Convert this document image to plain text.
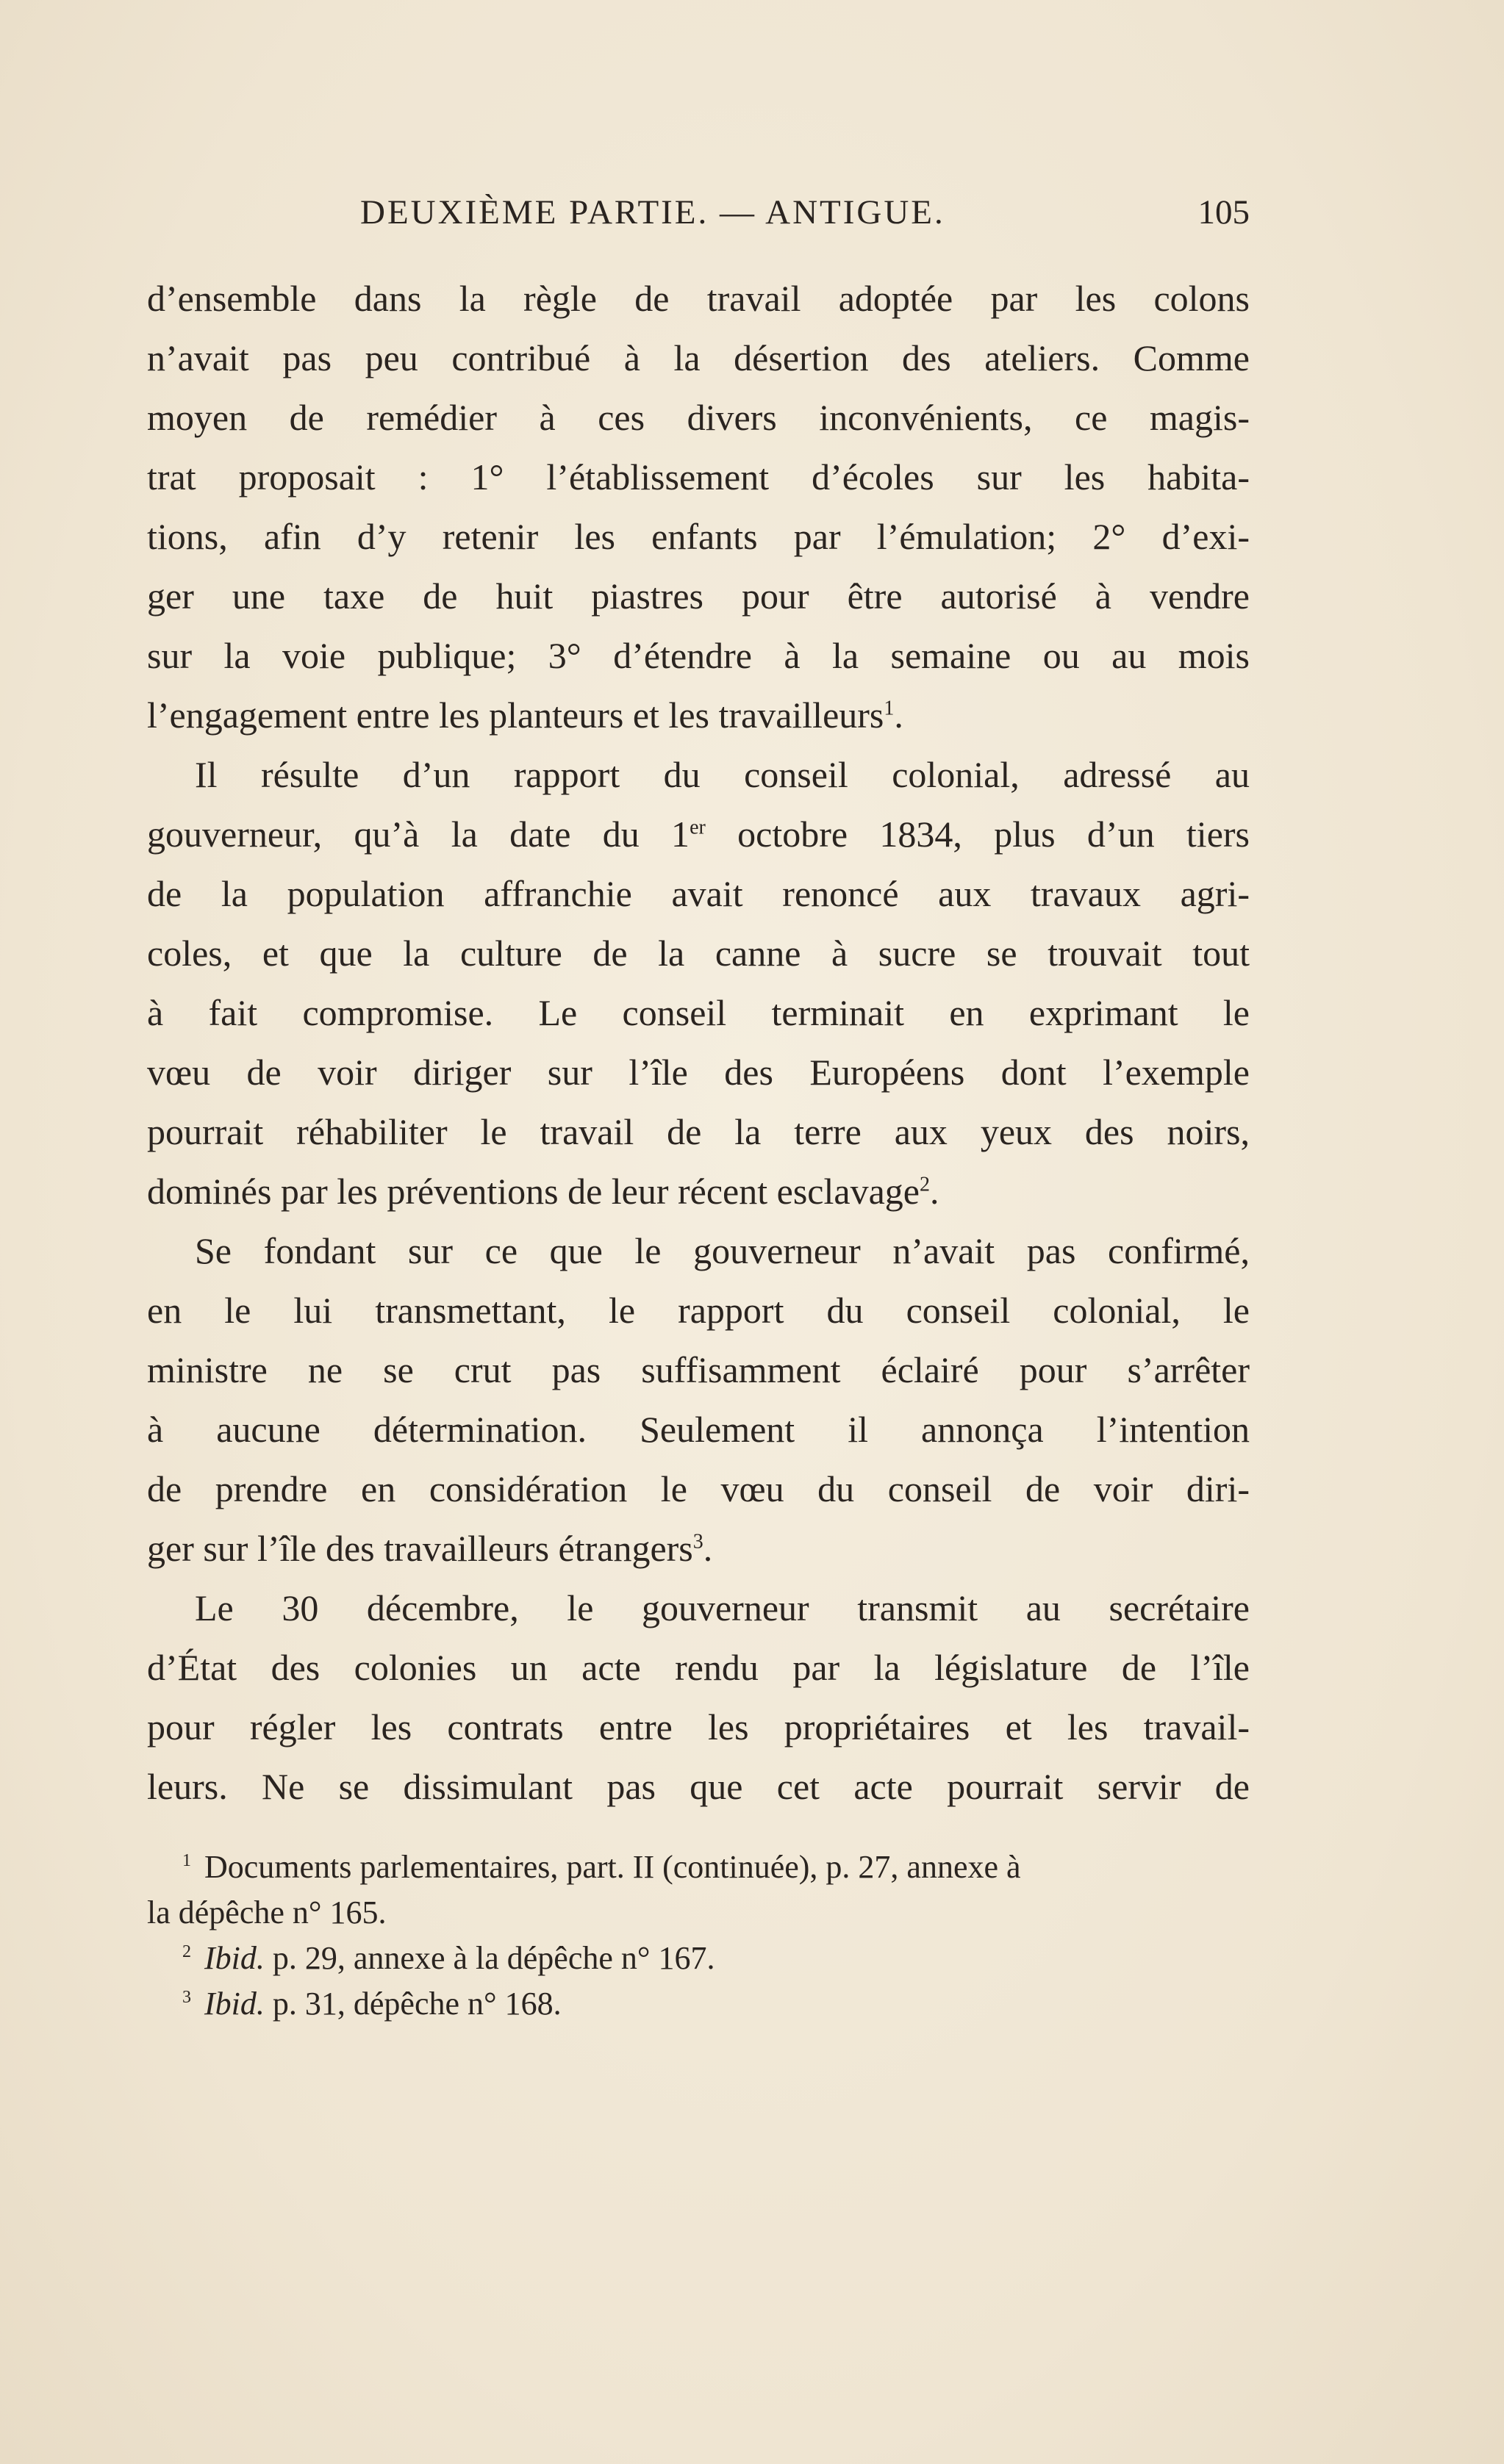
DEUXIÈME PARTIE. — ANTIGUE.	105
d’ensemble dans la règle de travail adoptée par les colons
n’avait pas peu contribué à la désertion des ateliers. Comme
moyen de remédier à ces divers inconvénients, ce magis-
trat proposait : 1° l’établissement d’écoles sur les habita-
tions, afin d’y retenir les enfants par l’émulation; 2° d’exi-
ger une taxe de huit piastres pour être autorisé à vendre
sur la voie publique; 3° d’étendre à la semaine ou au mois
l’engagement entre les planteurs et les travailleurs$^1$.
Il résulte d’un rapport du conseil colonial, adressé au
gouverneur, qu’à la date du 1er octobre 1834, plus d’un tiers
de la population affranchie avait renoncé aux travaux agri-
coles, et que la culture de la canne à sucre se trouvait tout
à fait compromise. Le conseil terminait en exprimant le
vœu de voir diriger sur l’île des Européens dont l’exemple
pourrait réhabiliter le travail de la terre aux yeux des noirs,
dominés par les préventions de leur récent esclavage$^2$.
Se fondant sur ce que le gouverneur n’avait pas confirmé,
en le lui transmettant, le rapport du conseil colonial, le
ministre ne se crut pas suffisamment éclairé pour s’arrêter
à aucune détermination. Seulement il annonça l’intention
de prendre en considération le vœu du conseil de voir diri-
ger sur l’île des travailleurs étrangers$^3$.
Le 30 décembre, le gouverneur transmit au secrétaire
d’État des colonies un acte rendu par la législature de l’île
pour régler les contrats entre les propriétaires et les travail-
leurs. Ne se dissimulant pas que cet acte pourrait servir de
$^1$ Documents parlementaires, part. II (continuée), p. 27, annexe à
la dépêche n° 165.
$^2$ Ibid. p. 29, annexe à la dépêche n° 167.
$^3$ Ibid. p. 31, dépêche n° 168.
